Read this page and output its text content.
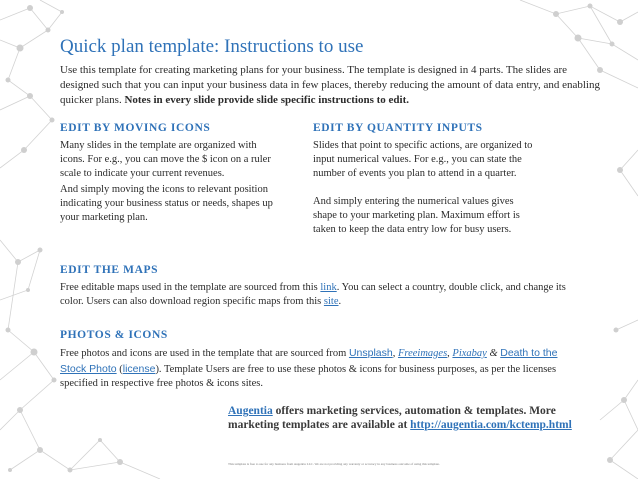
Quick plan template: Instructions to use

Use this template for creating marketing plans for your business. The template is designed in 4 parts. The slides are designed such that you can input your business data in few places, thereby reducing the amount of data entry, and enabling quicker plans. Notes in every slide provide slide specific instructions to edit.

EDIT BY MOVING ICONS

Many slides in the template are organized with icons. For e.g., you can move the $ icon on a ruler scale to indicate your current revenues.

And simply moving the icons to relevant position indicating your business status or needs, shapes up your marketing plan.

EDIT BY QUANTITY INPUTS

Slides that point to specific actions, are organized to input numerical values. For e.g., you can state the number of events you plan to attend in a quarter.

And simply entering the numerical values gives shape to your marketing plan. Maximum effort is taken to keep the data entry low for busy users.

EDIT THE MAPS

Free editable maps used in the template are sourced from this link. You can select a country, double click, and change its color. Users can also download region specific maps from this site.

PHOTOS & ICONS

Free photos and icons are used in the template that are sourced from Unsplash, Freeimages, Pixabay & Death to the Stock Photo (license). Template Users are free to use these photos & icons for business purposes, as per the licenses specified in respective free photos & icons sites.

Augentia offers marketing services, automation & templates. More marketing templates are available at http://augentia.com/kctemp.html

This template is free to use for any business from Augentia LLC. We are not providing any warranty or accuracy in any business outcome of using this template.
